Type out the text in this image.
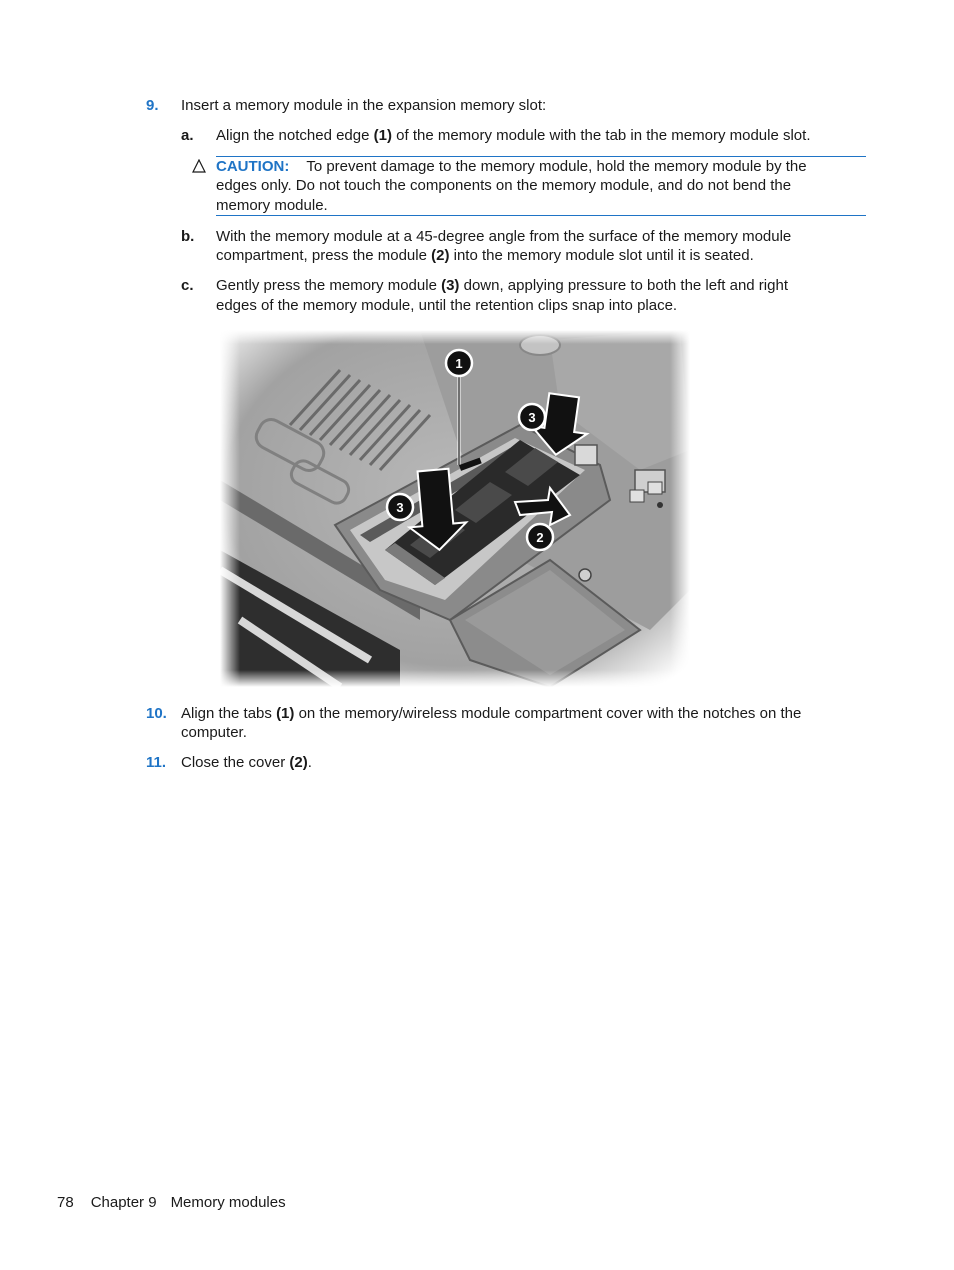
9. Insert a memory module in the expansion memory slot:
a. Align the notched edge (1) of the memory module with the tab in the memory module slot.
CAUTION: To prevent damage to the memory module, hold the memory module by the
edges only. Do not touch the components on the memory module, and do not bend the
memory module.
b. With the memory module at a 45-degree angle from the surface of the memory module
compartment, press the module (2) into the memory module slot until it is seated.
c. Gently press the memory module (3) down, applying pressure to both the left and right
edges of the memory module, until the retention clips snap into place.
1
3
3
2
10. Align the tabs (1) on the memory/wireless module compartment cover with the notches on the
computer.
11. Close the cover (2).
78 Chapter 9 Memory modules
